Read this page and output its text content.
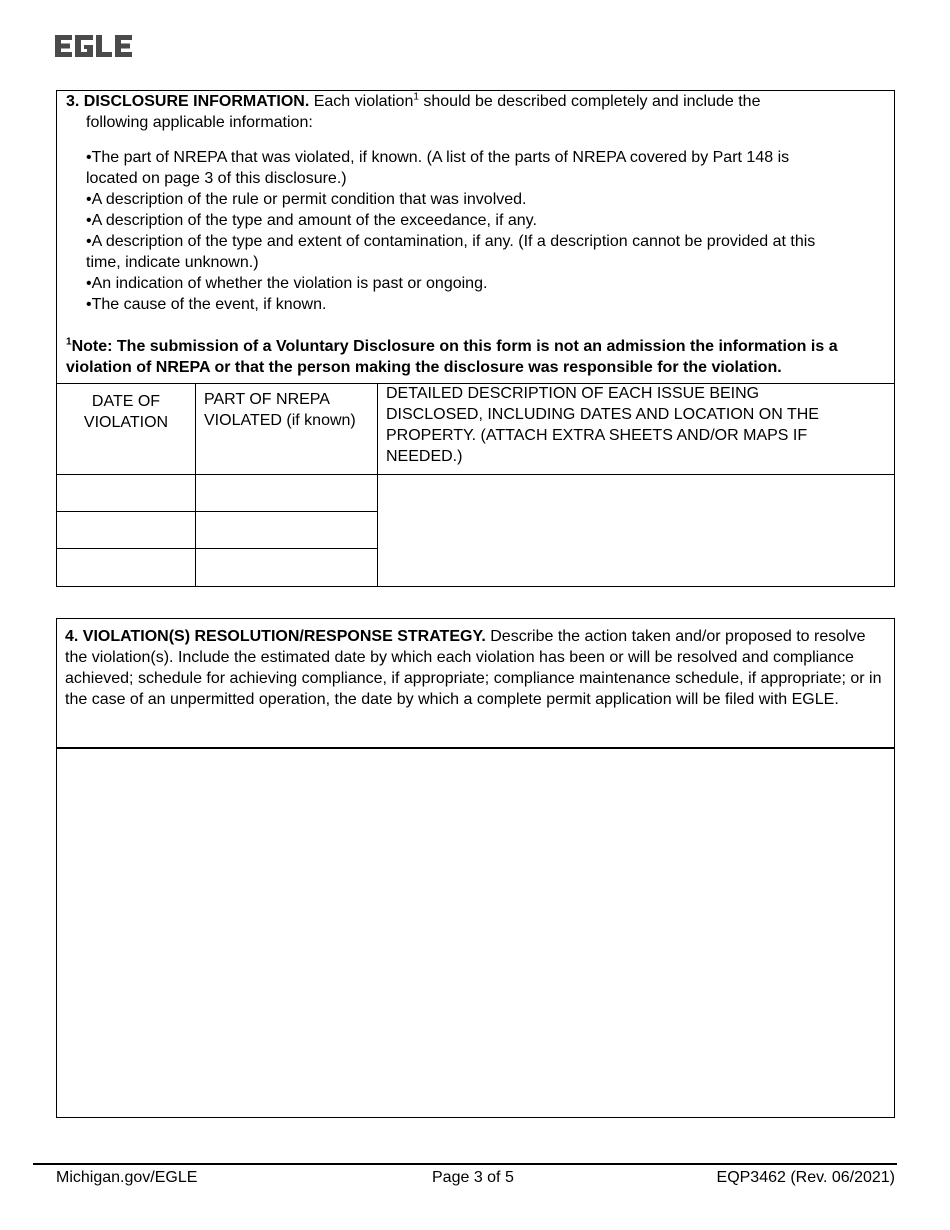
3. DISCLOSURE INFORMATION. Each violation$^1$ should be described completely and include the
following applicable information:
•The part of NREPA that was violated, if known. (A list of the parts of NREPA covered by Part 148 is
located on page 3 of this disclosure.)
•A description of the rule or permit condition that was involved.
•A description of the type and amount of the exceedance, if any.
•A description of the type and extent of contamination, if any. (If a description cannot be provided at this
time, indicate unknown.)
•An indication of whether the violation is past or ongoing.
•The cause of the event, if known.
$^1$Note: The submission of a Voluntary Disclosure on this form is not an admission the information is a violation of NREPA or that the person making the disclosure was responsible for the violation.
DATE OF
VIOLATION
PART OF NREPA
VIOLATED (if known)
DETAILED DESCRIPTION OF EACH ISSUE BEING
DISCLOSED, INCLUDING DATES AND LOCATION ON THE
PROPERTY. (ATTACH EXTRA SHEETS AND/OR MAPS IF
NEEDED.)
4. VIOLATION(S) RESOLUTION/RESPONSE STRATEGY. Describe the action taken and/or proposed to resolve the violation(s). Include the estimated date by which each violation has been or will be resolved and compliance achieved; schedule for achieving compliance, if appropriate; compliance maintenance schedule, if appropriate; or in the case of an unpermitted operation, the date by which a complete permit application will be filed with EGLE.
Michigan.gov/EGLE	Page 3 of 5	EQP3462 (Rev. 06/2021)
